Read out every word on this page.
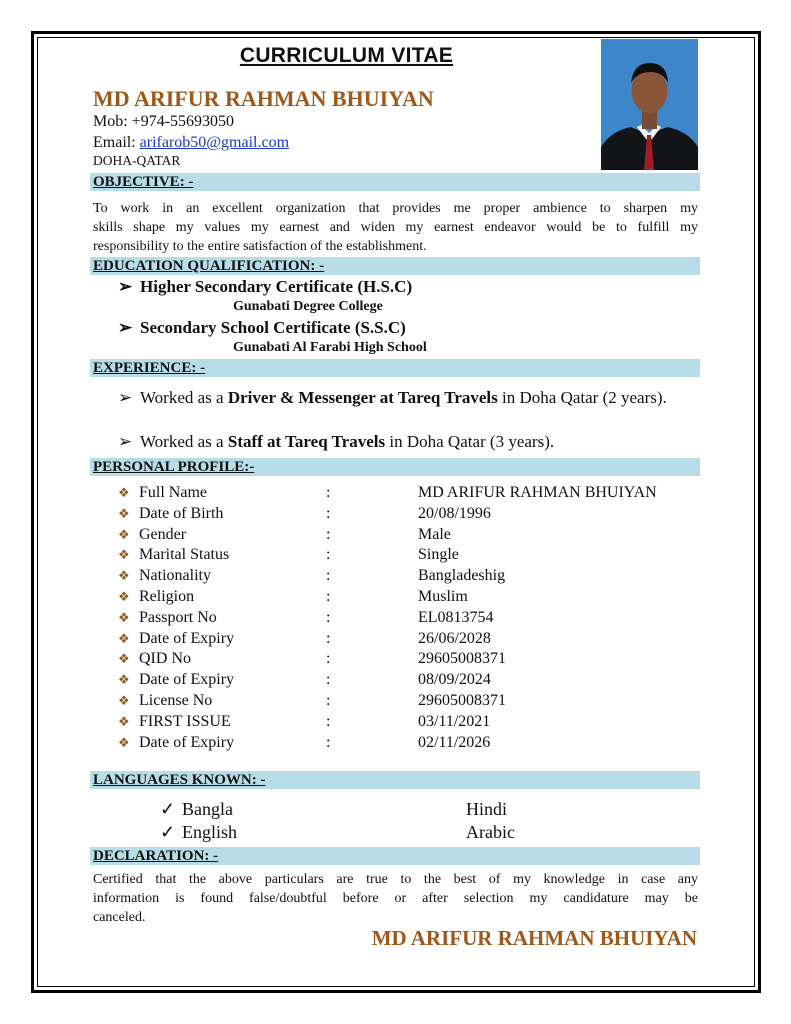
CURRICULUM VITAE
MD ARIFUR RAHMAN BHUIYAN
Mob: +974-55693050
Email: arifarob50@gmail.com
DOHA-QATAR
OBJECTIVE: -
To work in an excellent organization that provides me proper ambience to sharpen my
skills shape my values my earnest and widen my earnest endeavor would be to fulfill my
responsibility to the entire satisfaction of the establishment.
EDUCATION QUALIFICATION: -
➢ Higher Secondary Certificate (H.S.C)
Gunabati Degree College
➢ Secondary School Certificate (S.S.C)
Gunabati Al Farabi High School
EXPERIENCE: -
➢ Worked as a Driver & Messenger at Tareq Travels in Doha Qatar (2 years).
➢ Worked as a Staff at Tareq Travels in Doha Qatar (3 years).
PERSONAL PROFILE:-
❖ Full Name	:	MD ARIFUR RAHMAN BHUIYAN
❖ Date of Birth	:	20/08/1996
❖ Gender	:	Male
❖ Marital Status	:	Single
❖ Nationality	:	Bangladeshig
❖ Religion	:	Muslim
❖ Passport No	:	EL0813754
❖ Date of Expiry	:	26/06/2028
❖ QID No	:	29605008371
❖ Date of Expiry	:	08/09/2024
❖ License No	:	29605008371
❖ FIRST ISSUE	:	03/11/2021
❖ Date of Expiry	:	02/11/2026
LANGUAGES KNOWN: -
✓ Bangla	Hindi
✓ English	Arabic
DECLARATION: -
Certified that the above particulars are true to the best of my knowledge in case any
information is found false/doubtful before or after selection my candidature may be
canceled.
MD ARIFUR RAHMAN BHUIYAN
